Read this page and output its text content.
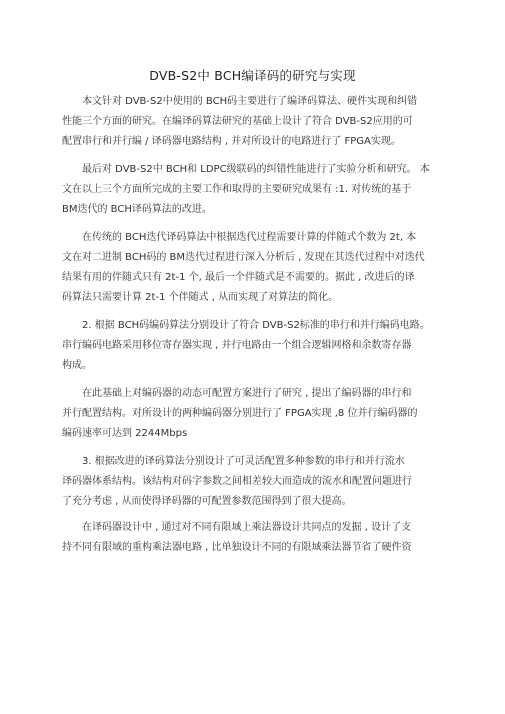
DVB-S2中 BCH编译码的研究与实现
本文针对 DVB-S2中使用的 BCH码主要进行了编译码算法、硬件实现和纠错
性能三个方面的研究。在编译码算法研究的基础上设计了符合 DVB-S2应用的可
配置串行和并行编 / 译码器电路结构 , 并对所设计的电路进行了 FPGA实现。
最后对 DVB-S2中 BCH和 LDPC级联码的纠错性能进行了实验分析和研究。 本
文在以上三个方面所完成的主要工作和取得的主要研究成果有 :1. 对传统的基于
BM迭代的 BCH译码算法的改进。
在传统的 BCH迭代译码算法中根据迭代过程需要计算的伴随式个数为 2t, 本
文在对二进制 BCH码的 BM迭代过程进行深入分析后 , 发现在其迭代过程中对迭代
结果有用的伴随式只有 2t-1 个, 最后一个伴随式是不需要的。据此 , 改进后的译
码算法只需要计算 2t-1 个伴随式 , 从而实现了对算法的简化。
2. 根据 BCH码编码算法分别设计了符合 DVB-S2标准的串行和并行编码电路。
串行编码电路采用移位寄存器实现 , 并行电路由一个组合逻辑网格和余数寄存器
构成。
在此基础上对编码器的动态可配置方案进行了研究 , 提出了编码器的串行和
并行配置结构。对所设计的两种编码器分别进行了 FPGA实现 ,8 位并行编码器的
编码速率可达到 2244Mbps
3. 根据改进的译码算法分别设计了可灵活配置多种参数的串行和并行流水
译码器体系结构。该结构对码字参数之间相差较大而造成的流水和配置问题进行
了充分考虑 , 从而使得译码器的可配置参数范围得到了很大提高。
在译码器设计中 , 通过对不同有限域上乘法器设计共同点的发掘 , 设计了支
持不同有限域的重构乘法器电路 , 比单独设计不同的有限域乘法器节省了硬件资
